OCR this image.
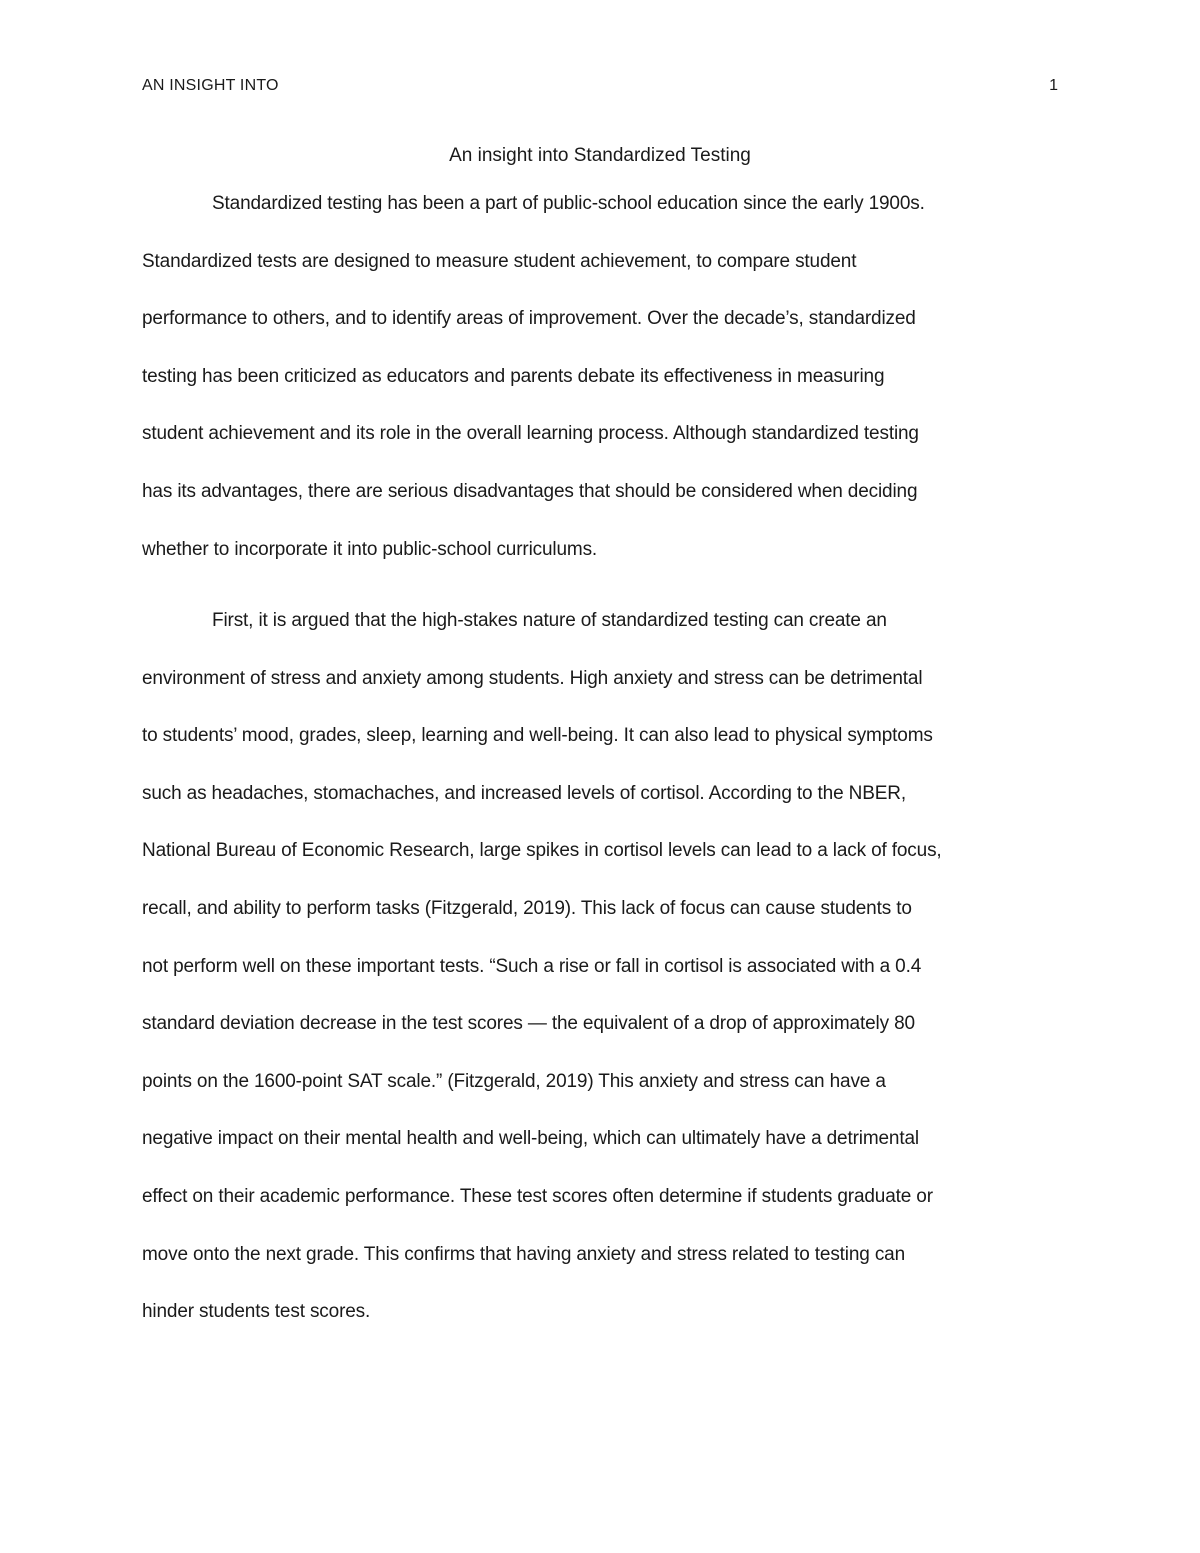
AN INSIGHT INTO	1
An insight into Standardized Testing
Standardized testing has been a part of public-school education since the early 1900s.
Standardized tests are designed to measure student achievement, to compare student
performance to others, and to identify areas of improvement. Over the decade’s, standardized
testing has been criticized as educators and parents debate its effectiveness in measuring
student achievement and its role in the overall learning process. Although standardized testing
has its advantages, there are serious disadvantages that should be considered when deciding
whether to incorporate it into public-school curriculums.
First, it is argued that the high-stakes nature of standardized testing can create an
environment of stress and anxiety among students. High anxiety and stress can be detrimental
to students’ mood, grades, sleep, learning and well-being. It can also lead to physical symptoms
such as headaches, stomachaches, and increased levels of cortisol. According to the NBER,
National Bureau of Economic Research, large spikes in cortisol levels can lead to a lack of focus,
recall, and ability to perform tasks (Fitzgerald, 2019). This lack of focus can cause students to
not perform well on these important tests. “Such a rise or fall in cortisol is associated with a 0.4
standard deviation decrease in the test scores — the equivalent of a drop of approximately 80
points on the 1600-point SAT scale.” (Fitzgerald, 2019) This anxiety and stress can have a
negative impact on their mental health and well-being, which can ultimately have a detrimental
effect on their academic performance. These test scores often determine if students graduate or
move onto the next grade. This confirms that having anxiety and stress related to testing can
hinder students test scores.
